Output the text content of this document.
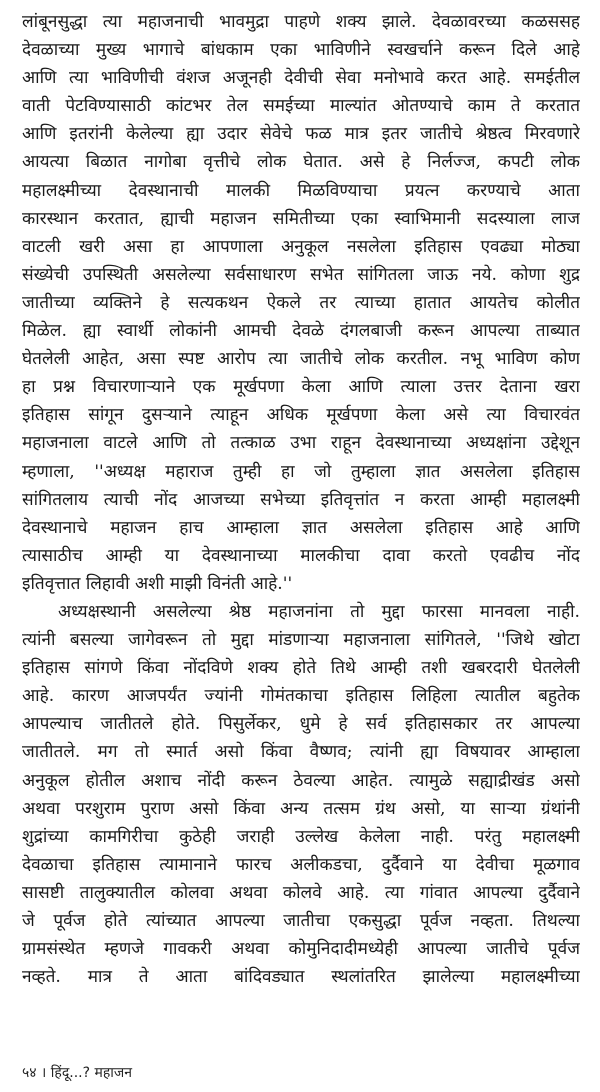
लांबूनसुद्धा त्या महाजनाची भावमुद्रा पाहणे शक्य झाले. देवळावरच्या कळससह
देवळाच्या मुख्य भागाचे बांधकाम एका भाविणीने स्वखर्चाने करून दिले आहे
आणि त्या भाविणीची वंशज अजूनही देवीची सेवा मनोभावे करत आहे. समईतील
वाती पेटविण्यासाठी कांटभर तेल समईच्या माल्यांत ओतण्याचे काम ते करतात
आणि इतरांनी केलेल्या ह्या उदार सेवेचे फळ मात्र इतर जातीचे श्रेष्ठत्व मिरवणारे
आयत्या बिळात नागोबा वृत्तीचे लोक घेतात. असे हे निर्लज्ज, कपटी लोक
महालक्ष्मीच्या देवस्थानाची मालकी मिळविण्याचा प्रयत्न करण्याचे आता
कारस्थान करतात, ह्याची महाजन समितीच्या एका स्वाभिमानी सदस्याला लाज
वाटली खरी असा हा आपणाला अनुकूल नसलेला इतिहास एवढ्या मोठ्या
संख्येची उपस्थिती असलेल्या सर्वसाधारण सभेत सांगितला जाऊ नये. कोणा शुद्र
जातीच्या व्यक्तिने हे सत्यकथन ऐकले तर त्याच्या हातात आयतेच कोलीत
मिळेल. ह्या स्वार्थी लोकांनी आमची देवळे दंगलबाजी करून आपल्या ताब्यात
घेतलेली आहेत, असा स्पष्ट आरोप त्या जातीचे लोक करतील. नभू भाविण कोण
हा प्रश्न विचारणाऱ्याने एक मूर्खपणा केला आणि त्याला उत्तर देताना खरा
इतिहास सांगून दुसऱ्याने त्याहून अधिक मूर्खपणा केला असे त्या विचारवंत
महाजनाला वाटले आणि तो तत्काळ उभा राहून देवस्थानाच्या अध्यक्षांना उद्देशून
म्हणाला, ''अध्यक्ष महाराज तुम्ही हा जो तुम्हाला ज्ञात असलेला इतिहास
सांगितलाय त्याची नोंद आजच्या सभेच्या इतिवृत्तांत न करता आम्ही महालक्ष्मी
देवस्थानाचे महाजन हाच आम्हाला ज्ञात असलेला इतिहास आहे आणि
त्यासाठीच आम्ही या देवस्थानाच्या मालकीचा दावा करतो एवढीच नोंद
इतिवृत्तात लिहावी अशी माझी विनंती आहे.''
अध्यक्षस्थानी असलेल्या श्रेष्ठ महाजनांना तो मुद्दा फारसा मानवला नाही.
त्यांनी बसल्या जागेवरून तो मुद्दा मांडणाऱ्या महाजनाला सांगितले, ''जिथे खोटा
इतिहास सांगणे किंवा नोंदविणे शक्य होते तिथे आम्ही तशी खबरदारी घेतलेली
आहे. कारण आजपर्यंत ज्यांनी गोमंतकाचा इतिहास लिहिला त्यातील बहुतेक
आपल्याच जातीतले होते. पिसुर्लेकर, धुमे हे सर्व इतिहासकार तर आपल्या
जातीतले. मग तो स्मार्त असो किंवा वैष्णव; त्यांनी ह्या विषयावर आम्हाला
अनुकूल होतील अशाच नोंदी करून ठेवल्या आहेत. त्यामुळे सह्याद्रीखंड असो
अथवा परशुराम पुराण असो किंवा अन्य तत्सम ग्रंथ असो, या साऱ्या ग्रंथांनी
शुद्रांच्या कामगिरीचा कुठेही जराही उल्लेख केलेला नाही. परंतु महालक्ष्मी
देवळाचा इतिहास त्यामानाने फारच अलीकडचा, दुर्दैवाने या देवीचा मूळगाव
सासष्टी तालुक्यातील कोलवा अथवा कोलवे आहे. त्या गांवात आपल्या दुर्दैवाने
जे पूर्वज होते त्यांच्यात आपल्या जातीचा एकसुद्धा पूर्वज नव्हता. तिथल्या
ग्रामसंस्थेत म्हणजे गावकरी अथवा कोमुनिदादीमध्येही आपल्या जातीचे पूर्वज
नव्हते. मात्र ते आता बांदिवड्यात स्थलांतरित झालेल्या महालक्ष्मीच्या
५४ । हिंदू...? महाजन
